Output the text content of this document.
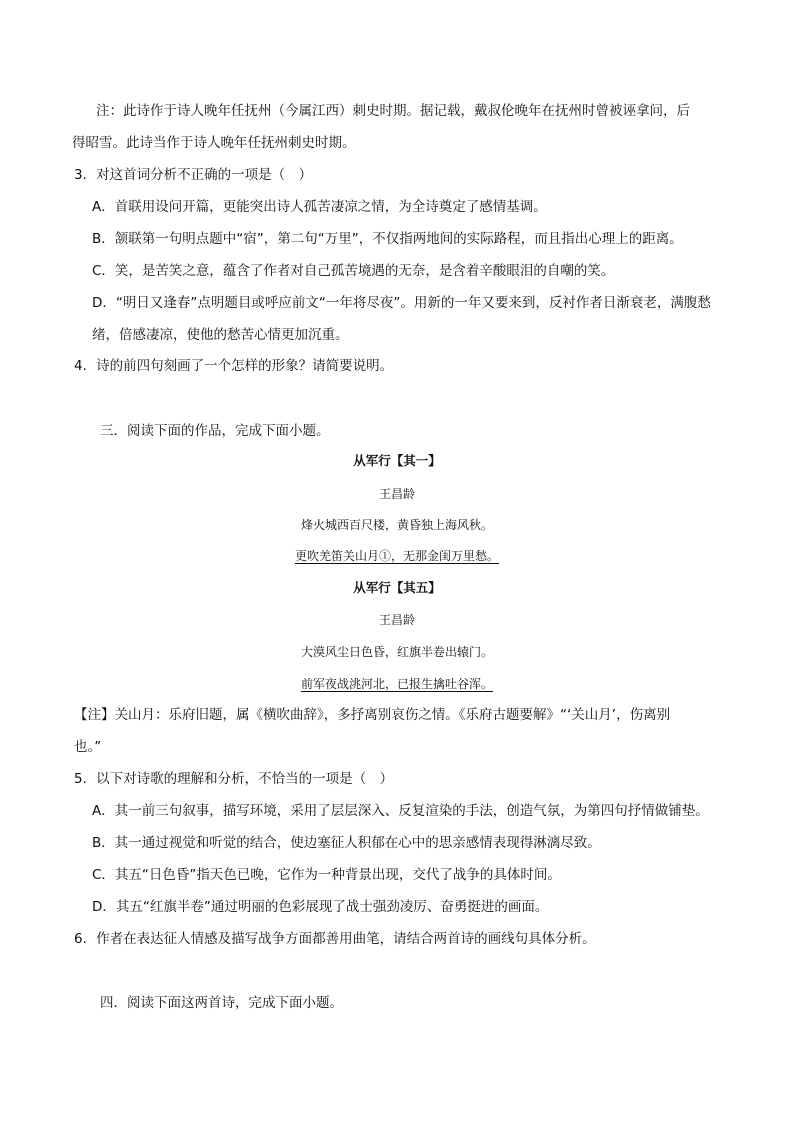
注：此诗作于诗人晚年任抚州（今属江西）刺史时期。据记载，戴叔伦晚年在抚州时曾被诬拿问，后
得昭雪。此诗当作于诗人晚年任抚州刺史时期。
3．对这首词分析不正确的一项是（　）
A．首联用设问开篇，更能突出诗人孤苦凄凉之情，为全诗奠定了感情基调。
B．颔联第一句明点题中“宿”，第二句“万里”，不仅指两地间的实际路程，而且指出心理上的距离。
C．笑，是苦笑之意，蕴含了作者对自己孤苦境遇的无奈，是含着辛酸眼泪的自嘲的笑。
D．“明日又逢春”点明题目或呼应前文“一年将尽夜”。用新的一年又要来到，反衬作者日渐衰老，满腹愁
绪，倍感凄凉，使他的愁苦心情更加沉重。
4．诗的前四句刻画了一个怎样的形象？请简要说明。
三．阅读下面的作品，完成下面小题。
从军行【其一】
王昌龄
烽火城西百尺楼，黄昏独上海风秋。
更吹羌笛关山月①，无那金闺万里愁。
从军行【其五】
王昌龄
大漠风尘日色昏，红旗半卷出辕门。
前军夜战洮河北，已报生擒吐谷浑。
【注】关山月：乐府旧题，属《横吹曲辞》，多抒离别哀伤之情。《乐府古题要解》“‘关山月’，伤离别
也。”
5．以下对诗歌的理解和分析，不恰当的一项是（　）
A．其一前三句叙事，描写环境，采用了层层深入、反复渲染的手法，创造气氛，为第四句抒情做铺垫。
B．其一通过视觉和听觉的结合，使边塞征人积郁在心中的思亲感情表现得淋漓尽致。
C．其五“日色昏”指天色已晚，它作为一种背景出现，交代了战争的具体时间。
D．其五“红旗半卷”通过明丽的色彩展现了战士强劲凌厉、奋勇挺进的画面。
6．作者在表达征人情感及描写战争方面都善用曲笔，请结合两首诗的画线句具体分析。
四．阅读下面这两首诗，完成下面小题。
